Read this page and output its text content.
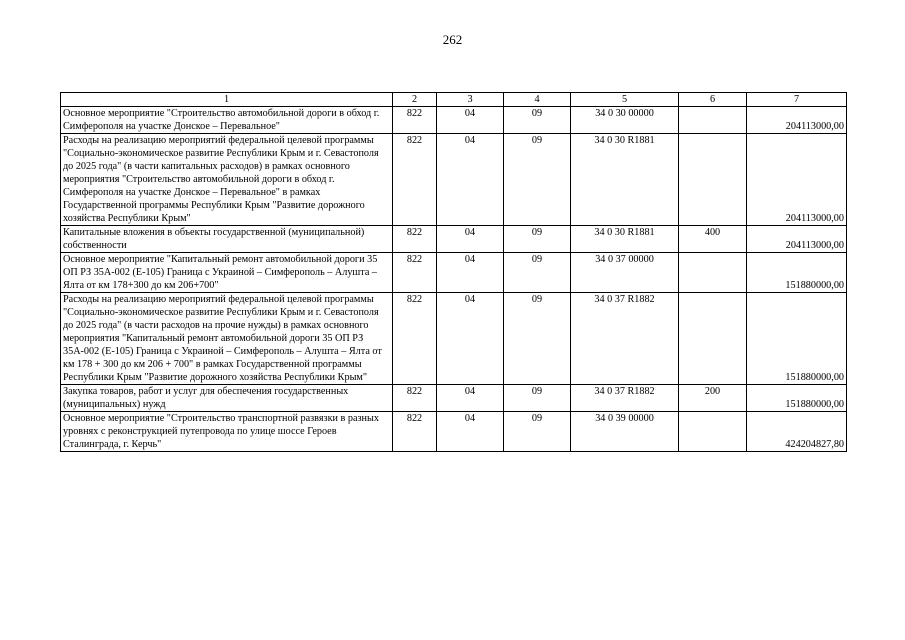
262
1	2	3	4	5	6	7
Основное мероприятие "Строительство автомобильной дороги в обход г. Симферополя на участке Донское – Перевальное"	822	04	09	34 0 30 00000		204113000,00
Расходы на реализацию мероприятий федеральной целевой программы "Социально-экономическое развитие Республики Крым и г. Севастополя до 2025 года" (в части капитальных расходов) в рамках основного мероприятия "Строительство автомобильной дороги в обход г. Симферополя на участке Донское – Перевальное" в рамках Государственной программы Республики Крым "Развитие дорожного хозяйства Республики Крым"	822	04	09	34 0 30 R1881		204113000,00
Капитальные вложения в объекты государственной (муниципальной) собственности	822	04	09	34 0 30 R1881	400	204113000,00
Основное мероприятие "Капитальный ремонт автомобильной дороги 35 ОП РЗ 35А-002 (Е-105) Граница с Украиной – Симферополь – Алушта – Ялта от км 178+300 до км 206+700"	822	04	09	34 0 37 00000		151880000,00
Расходы на реализацию мероприятий федеральной целевой программы "Социально-экономическое развитие Республики Крым и г. Севастополя до 2025 года" (в части расходов на прочие нужды) в рамках основного мероприятия "Капитальный ремонт автомобильной дороги 35 ОП РЗ 35А-002 (Е-105) Граница с Украиной – Симферополь – Алушта – Ялта от км 178 + 300 до км 206 + 700" в рамках Государственной программы Республики Крым "Развитие дорожного хозяйства Республики Крым"	822	04	09	34 0 37 R1882		151880000,00
Закупка товаров, работ и услуг для обеспечения государственных (муниципальных) нужд	822	04	09	34 0 37 R1882	200	151880000,00
Основное мероприятие "Строительство транспортной развязки в разных уровнях с реконструкцией путепровода по улице шоссе Героев Сталинграда, г. Керчь"	822	04	09	34 0 39 00000		424204827,80
